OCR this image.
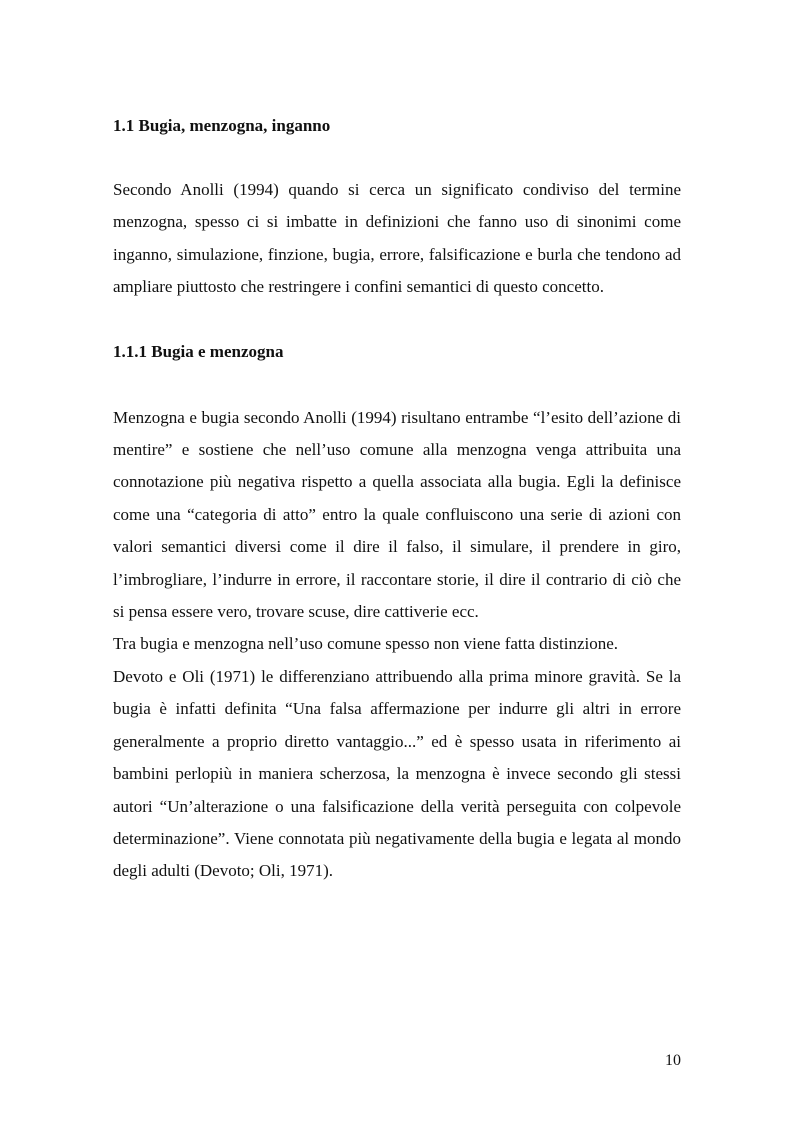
1.1 Bugia, menzogna, inganno

Secondo Anolli (1994) quando si cerca un significato condiviso del termine menzogna, spesso ci si imbatte in definizioni che fanno uso di sinonimi come inganno, simulazione, finzione, bugia, errore, falsificazione e burla che tendono ad ampliare piuttosto che restringere i confini semantici di questo concetto.

1.1.1 Bugia e menzogna

Menzogna e bugia secondo Anolli (1994) risultano entrambe “l’esito dell’azione di mentire” e sostiene che nell’uso comune alla menzogna venga attribuita una connotazione più negativa rispetto a quella associata alla bugia. Egli la definisce come una “categoria di atto” entro la quale confluiscono una serie di azioni con valori semantici diversi come il dire il falso, il simulare, il prendere in giro, l’imbrogliare, l’indurre in errore, il raccontare storie, il dire il contrario di ciò che si pensa essere vero, trovare scuse, dire cattiverie ecc.

Tra bugia e menzogna nell’uso comune spesso non viene fatta distinzione.

Devoto e Oli (1971) le differenziano attribuendo alla prima minore gravità. Se la bugia è infatti definita “Una falsa affermazione per indurre gli altri in errore generalmente a proprio diretto vantaggio...” ed è spesso usata in riferimento ai bambini perlopiù in maniera scherzosa, la menzogna è invece secondo gli stessi autori “Un’alterazione o una falsificazione della verità perseguita con colpevole determinazione”. Viene connotata più negativamente della bugia e legata al mondo degli adulti (Devoto; Oli, 1971).

10
